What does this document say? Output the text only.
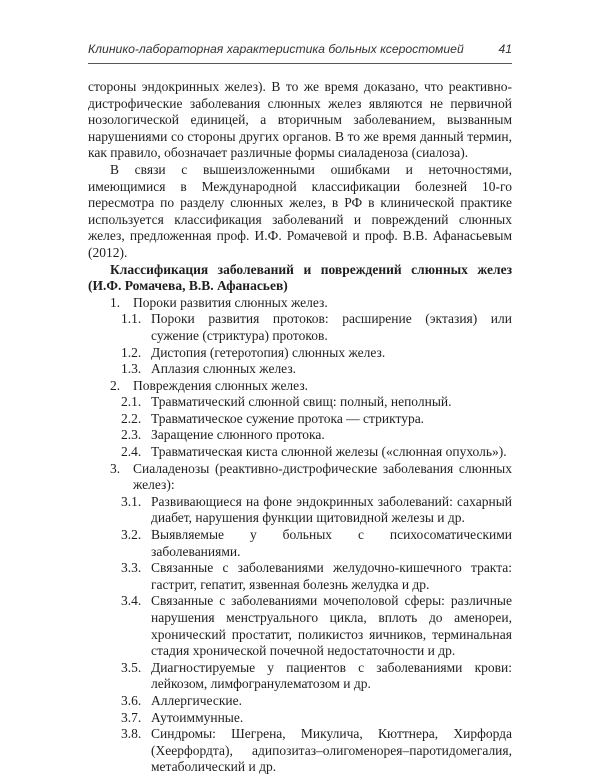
Клинико-лабораторная характеристика больных ксеростомией	41

стороны эндокринных желез). В то же время доказано, что реактивно-дистрофические заболевания слюнных желез являются не первичной нозологической единицей, а вторичным заболеванием, вызванным нарушениями со стороны других органов. В то же время данный термин, как правило, обозначает различные формы сиаладеноза (сиалоза).

В связи с вышеизложенными ошибками и неточностями, имеющимися в Международной классификации болезней 10-го пересмотра по разделу слюнных желез, в РФ в клинической практике используется классификация заболеваний и повреждений слюнных желез, предложенная проф. И.Ф. Ромачевой и проф. В.В. Афанасьевым (2012).

Классификация заболеваний и повреждений слюнных желез (И.Ф. Ромачева, В.В. Афанасьев)

1. Пороки развития слюнных желез.

1.1. Пороки развития протоков: расширение (эктазия) или сужение (стриктура) протоков.

1.2. Дистопия (гетеротопия) слюнных желез.

1.3. Аплазия слюнных желез.

2. Повреждения слюнных желез.

2.1. Травматический слюнной свищ: полный, неполный.

2.2. Травматическое сужение протока — стриктура.

2.3. Заращение слюнного протока.

2.4. Травматическая киста слюнной железы («слюнная опухоль»).

3. Сиаладенозы (реактивно-дистрофические заболевания слюнных желез):

3.1. Развивающиеся на фоне эндокринных заболеваний: сахарный диабет, нарушения функции щитовидной железы и др.

3.2. Выявляемые у больных с психосоматическими заболеваниями.

3.3. Связанные с заболеваниями желудочно-кишечного тракта: гастрит, гепатит, язвенная болезнь желудка и др.

3.4. Связанные с заболеваниями мочеполовой сферы: различные нарушения менструального цикла, вплоть до аменореи, хронический простатит, поликистоз яичников, терминальная стадия хронической почечной недостаточности и др.

3.5. Диагностируемые у пациентов с заболеваниями крови: лейкозом, лимфогранулематозом и др.

3.6. Аллергические.

3.7. Аутоиммунные.

3.8. Синдромы: Шегрена, Микулича, Кюттнера, Хирфорда (Хеерфордта), адипозитаз–олигоменорея–паротидомегалия, метаболический и др.
